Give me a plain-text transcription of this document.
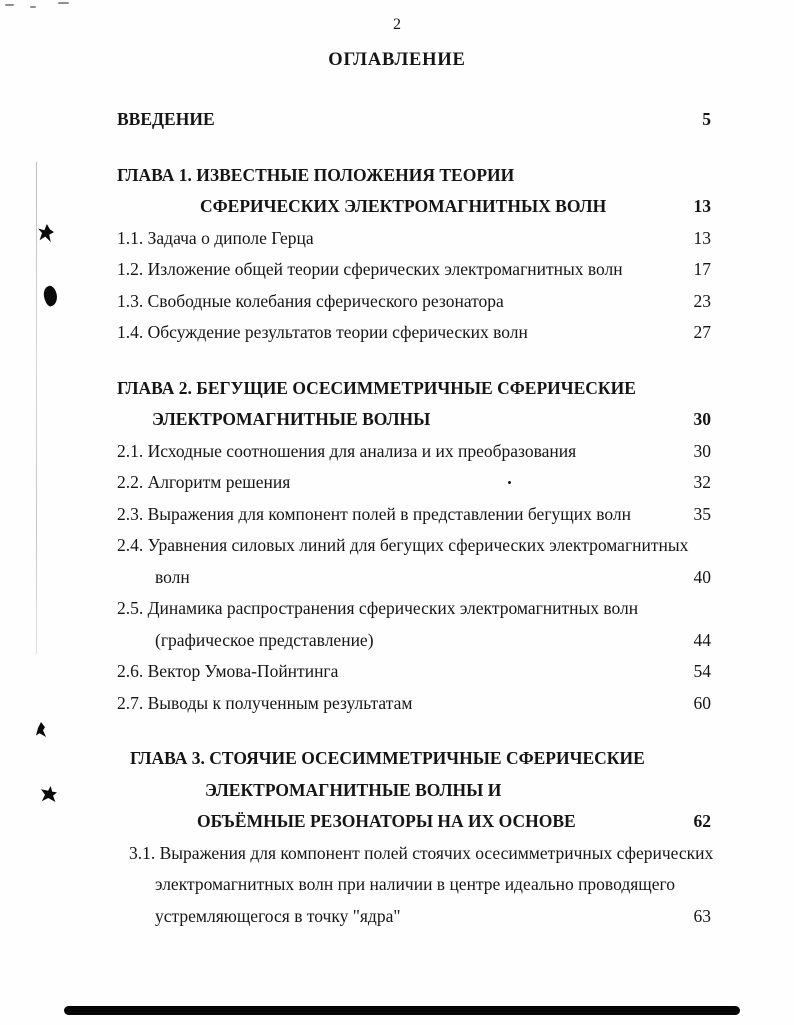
2
ОГЛАВЛЕНИЕ
ВВЕДЕНИЕ	5
ГЛАВА 1. ИЗВЕСТНЫЕ ПОЛОЖЕНИЯ ТЕОРИИ
СФЕРИЧЕСКИХ ЭЛЕКТРОМАГНИТНЫХ ВОЛН	13
1.1. Задача о диполе Герца	13
1.2. Изложение общей теории сферических электромагнитных волн	17
1.3. Свободные колебания сферического резонатора	23
1.4. Обсуждение результатов теории сферических волн	27
ГЛАВА 2. БЕГУЩИЕ ОСЕСИММЕТРИЧНЫЕ СФЕРИЧЕСКИЕ
ЭЛЕКТРОМАГНИТНЫЕ ВОЛНЫ	30
2.1. Исходные соотношения для анализа и их преобразования	30
2.2. Алгоритм решения	32
2.3. Выражения для компонент полей в представлении бегущих волн	35
2.4. Уравнения силовых линий для бегущих сферических электромагнитных
волн	40
2.5. Динамика распространения сферических электромагнитных волн
(графическое представление)	44
2.6. Вектор Умова-Пойнтинга	54
2.7. Выводы к полученным результатам	60
ГЛАВА 3. СТОЯЧИЕ ОСЕСИММЕТРИЧНЫЕ СФЕРИЧЕСКИЕ
ЭЛЕКТРОМАГНИТНЫЕ ВОЛНЫ И
ОБЪЁМНЫЕ РЕЗОНАТОРЫ НА ИХ ОСНОВЕ	62
3.1. Выражения для компонент полей стоячих осесимметричных сферических
электромагнитных волн при наличии в центре идеально проводящего
устремляющегося в точку "ядра"	63
